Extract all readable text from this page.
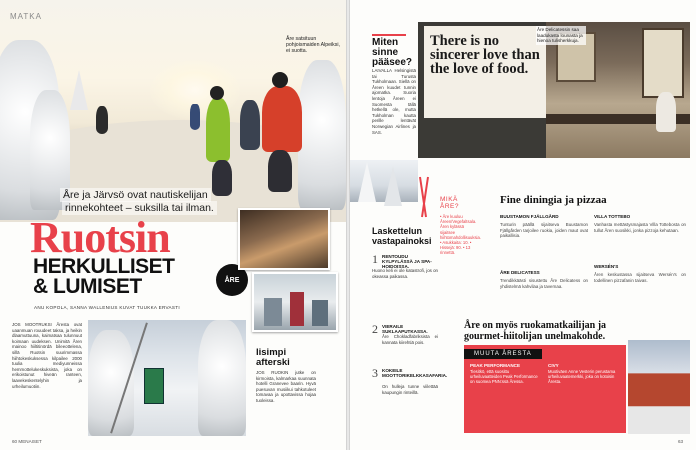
MATKA
Åre satsituun pohjoismaiden Alpeiksi, ei suotta.
Åre ja Järvsö ovat nautiskelijan
rinnekohteet – suksilla tai ilman.
Ruotsin
HERKULLISET
& LUMISET	ÅRE
ANU KOPOLA, SANNA WALLENIUS KUVAT TUUKKA ERVASTI
JOS MOOTRUKSI Åresta ovat uaanmuan rouudeet taksa, ja heikin dlaamuttuuna, kaimatsaa tulunnuut koimaan uudeksen. Unimitä Åren mainoo hiiltitinördä bileeottelena, sillä Ruotsin suurimmassa hiihtokeskuksessa kilpailee 2000 tuulia mediyunneissa hemmottelukeskuksista, joka on erikoistunut hiveän ranteen, laavekeskentelyhin ja urheilumuotiin.
lisimpi afterski
JOS RUOKIN jutke on kirmoista, kalmarkaa suunnata hotelli Granevee baarin. Hyvä puesuvan musiikui tahkotuleet tomavaa ja upottavissa hojaa tuoleissa.
60 MENAISET
Miten sinne pääsee?
LAIVALLA Helsingistä tai Turusta Tukholmaan. Siellä on Åreen kuudet tunnin ajomatka. Suoria lentoja Åreen ei Suomesta tällä hetkellä ole, mutta Tukholman kautta perille lentävät Norwegian Airlines ja SAS.
There is no sincerer love than the love of food.
Åre Delicatessin saa laadukasta lounasta ja hienoa tulisherkkuja.
MIKÄ ÅRE?
• Åre kuuluu Åreen/Vegefaltsala. Åren kylässä sijaitsee hiihtomahdollisuuksia. • Asukkaita: 10. • Hissejä: 90. • 13 rinnettä.
Laskettelun vastapainoksi
1 RENTOUDU KYLPYLÄSSÄ JA SPA-HOIDOISSA.
Huono keli ei ole katastrofi, jos on okeassa paikassa.
2 VIERAILE SUKLAAPUTKASSA.
Åre Chokladfabriksista ei kannata kiirehtiä pois.
3 KOKEILE MOOTTORIKELKKASAFARIA.
On hulleja tunne viilettää kaupungin rinteillä.
Fine diningia ja pizzaa
BUUSTAMON FJÄLLGÅRD
Tunturin päällä sijaitseva Buustamon Fjällgården tarjoilee ruokia, joiden maut ovat paikallisia.
ÅRE DELICATESS
Trendikkäästi sisustettu Åre Delicatess on yhdistelmä kahvilaa ja tavernaa.
VILLA TOTTEBO
Vanhasta mettästysmajasta Villa Tottebosta on tullut Åren suosikki, jonka pizzoja kehutaan.
WERSÉN'S
Åren keskustassa sijaitseva Wersén's on todellinen pizzafanin taivas.
Åre on myös ruokamatkailijan ja gourmet-hiitolijan unelmakohde.
MUUTA ÅRESTA
PEAK PERFORMANCE
Tiesitkö, että suosittu urheiluvaatteiden Peak Performance on suomea PNN:ssä Åressa.
CIVY
Muotiväen Anne Vesterin perustama urheiluvaatemerkki, joka on kotoisin Åresta.
63
